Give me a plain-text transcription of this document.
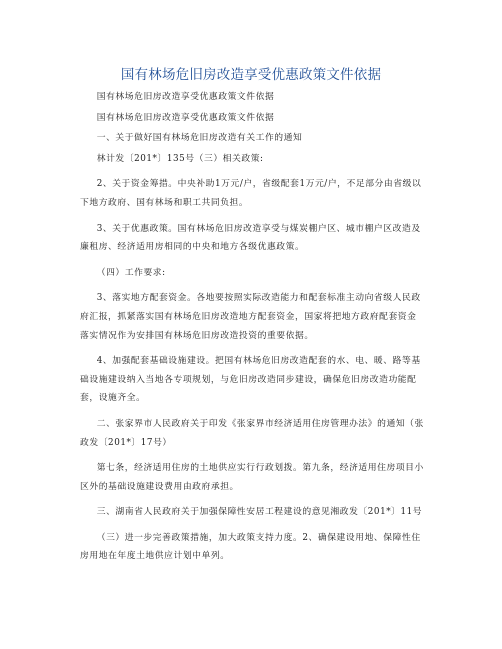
国有林场危旧房改造享受优惠政策文件依据

国有林场危旧房改造享受优惠政策文件依据

国有林场危旧房改造享受优惠政策文件依据

一、关于做好国有林场危旧房改造有关工作的通知

林计发〔201*〕135号（三）相关政策:

2、关于资金筹措。中央补助1万元/户，省级配套1万元/户，不足部分由省级以下地方政府、国有林场和职工共同负担。

3、关于优惠政策。国有林场危旧房改造享受与煤炭棚户区、城市棚户区改造及廉租房、经济适用房相同的中央和地方各级优惠政策。

（四）工作要求:

3、落实地方配套资金。各地要按照实际改造能力和配套标准主动向省级人民政府汇报，抓紧落实国有林场危旧房改造地方配套资金，国家将把地方政府配套资金落实情况作为安排国有林场危旧房改造投资的重要依据。

4、加强配套基础设施建设。把国有林场危旧房改造配套的水、电、暖、路等基础设施建设纳入当地各专项规划，与危旧房改造同步建设，确保危旧房改造功能配套，设施齐全。

二、张家界市人民政府关于印发《张家界市经济适用住房管理办法》的通知（张政发〔201*〕17号）

第七条，经济适用住房的土地供应实行行政划拨。第九条，经济适用住房项目小区外的基础设施建设费用由政府承担。

三、湖南省人民政府关于加强保障性安居工程建设的意见湘政发〔201*〕11号

（三）进一步完善政策措施，加大政策支持力度。2、确保建设用地、保障性住房用地在年度土地供应计划中单列。
